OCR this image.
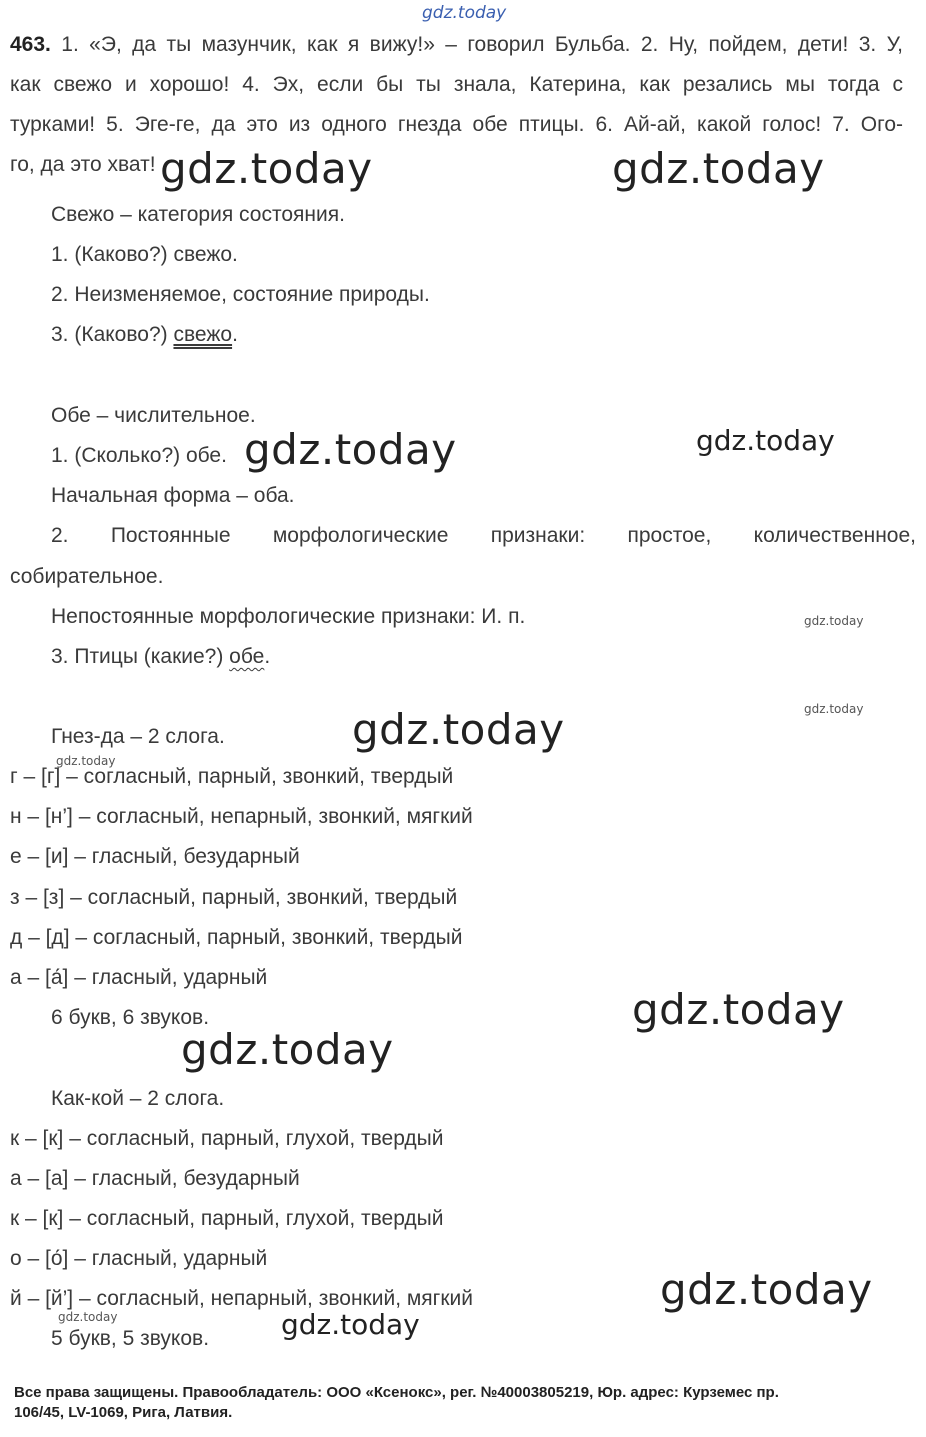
gdz.today
463. 1. «Э, да ты мазунчик, как я вижу!» – говорил Бульба. 2. Ну, пойдем, дети! 3. У,
как свежо и хорошо! 4. Эх, если бы ты знала, Катерина, как резались мы тогда с
турками! 5. Эге-ге, да это из одного гнезда обе птицы. 6. Ай-ай, какой голос! 7. Ого-
го, да это хват!
Свежо – категория состояния.
1. (Каково?) свежо.
2. Неизменяемое, состояние природы.
3. (Каково?) свежо.
Обе – числительное.
1. (Сколько?) обе.
Начальная форма – оба.
2. Постоянные морфологические признаки: простое, количественное,
собирательное.
Непостоянные морфологические признаки: И. п.
3. Птицы (какие?) обе.
Гнез-да – 2 слога.
г – [г] – согласный, парный, звонкий, твердый
н – [н’] – согласный, непарный, звонкий, мягкий
е – [и] – гласный, безударный
з – [з] – согласный, парный, звонкий, твердый
д – [д] – согласный, парный, звонкий, твердый
а – [а́] – гласный, ударный
6 букв, 6 звуков.
Как-кой – 2 слога.
к – [к] – согласный, парный, глухой, твердый
а – [а] – гласный, безударный
к – [к] – согласный, парный, глухой, твердый
о – [о́] – гласный, ударный
й – [й’] – согласный, непарный, звонкий, мягкий
5 букв, 5 звуков.
gdz.today	gdz.today
gdz.today	gdz.today
gdz.today
gdz.today
gdz.today
gdz.today
gdz.today
gdz.today
gdz.today
gdz.today	gdz.today
Все права защищены. Правообладатель: ООО «Ксенокс», рег. №40003805219, Юр. адрес: Курземес пр.
106/45, LV-1069, Рига, Латвия.
